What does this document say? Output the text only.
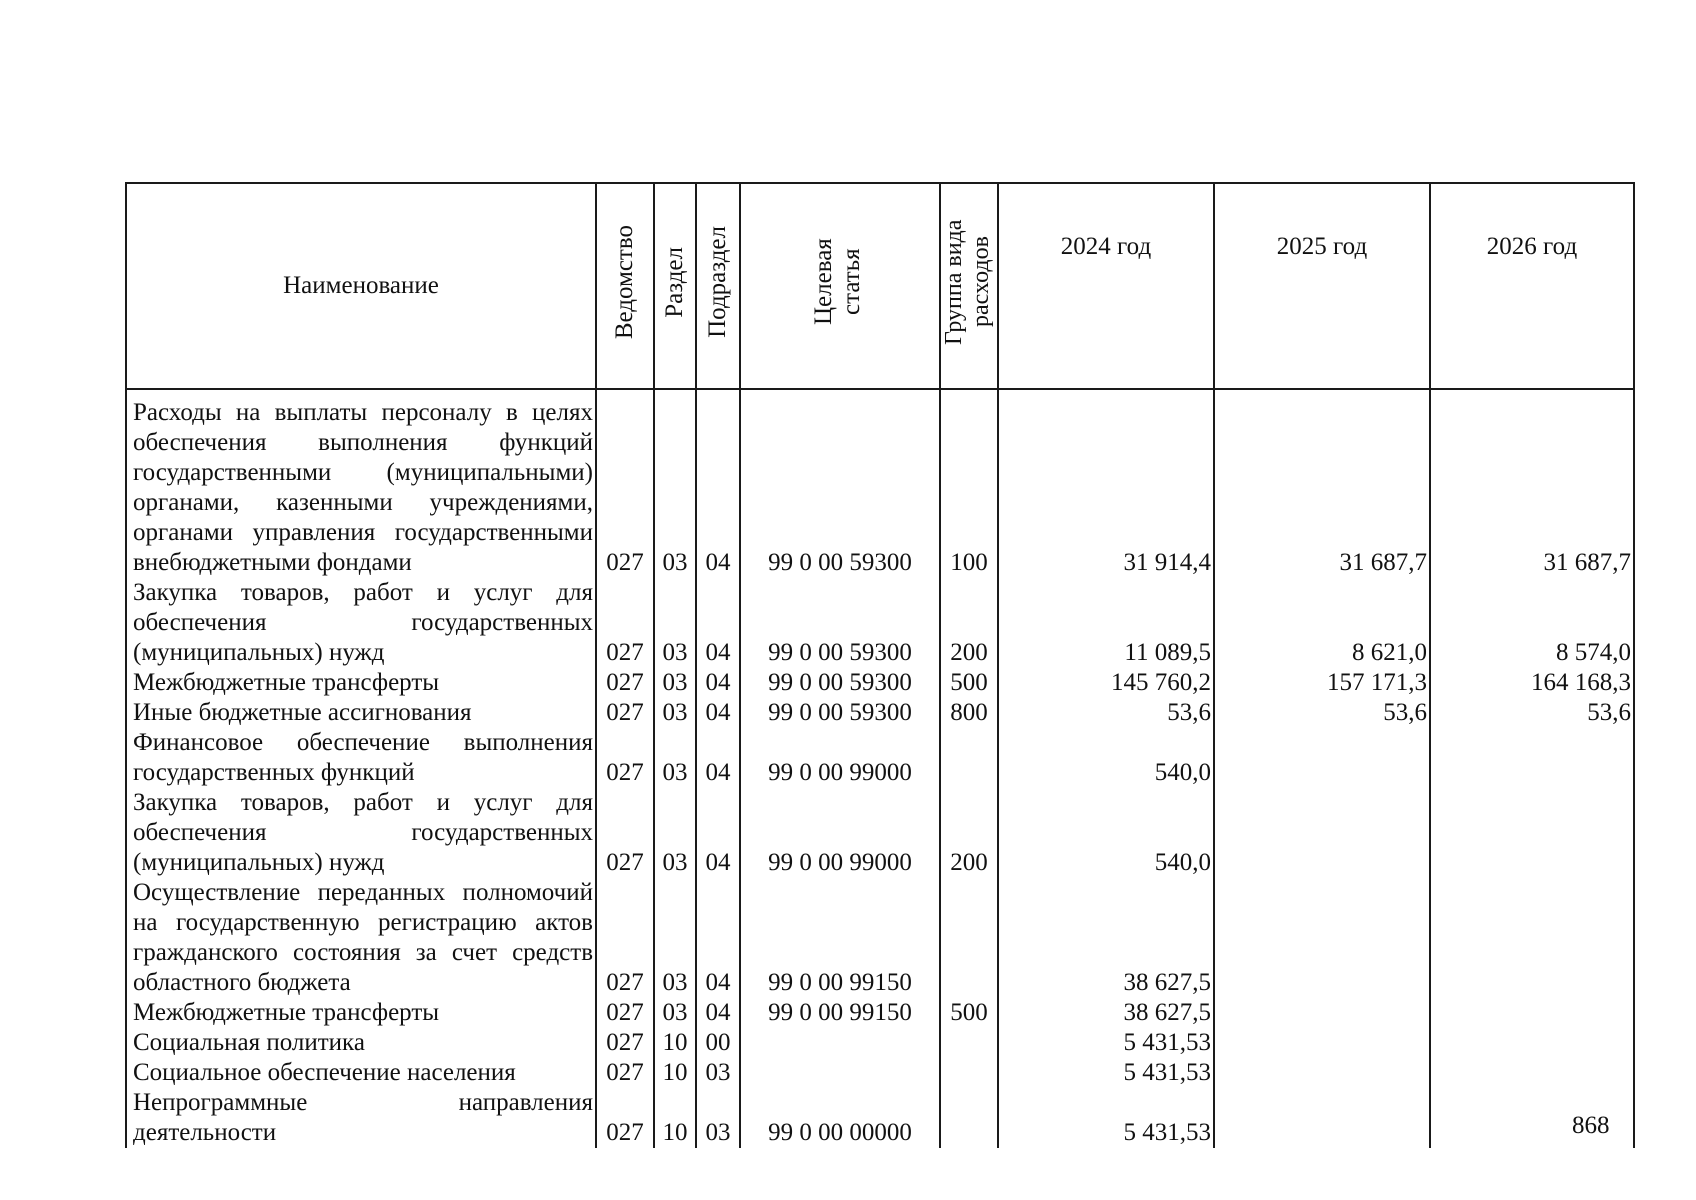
Наименование	Ведомство	Раздел	Подраздел	Целевая статья	Группа вида расходов	2024 год	2025 год	2026 год
Расходы на выплаты персоналу в целях обеспечения выполнения функций государственными (муниципальными) органами, казенными учреждениями, органами управления государственными внебюджетными фондами	027	03	04	99 0 00 59300	100	31 914,4	31 687,7	31 687,7
Закупка товаров, работ и услуг для обеспечения государственных (муниципальных) нужд	027	03	04	99 0 00 59300	200	11 089,5	8 621,0	8 574,0
Межбюджетные трансферты	027	03	04	99 0 00 59300	500	145 760,2	157 171,3	164 168,3
Иные бюджетные ассигнования	027	03	04	99 0 00 59300	800	53,6	53,6	53,6
Финансовое обеспечение выполнения государственных функций	027	03	04	99 0 00 99000		540,0		
Закупка товаров, работ и услуг для обеспечения государственных (муниципальных) нужд	027	03	04	99 0 00 99000	200	540,0		
Осуществление переданных полномочий на государственную регистрацию актов гражданского состояния за счет средств областного бюджета	027	03	04	99 0 00 99150		38 627,5		
Межбюджетные трансферты	027	03	04	99 0 00 99150	500	38 627,5		
Социальная политика	027	10	00			5 431,53		
Социальное обеспечение населения	027	10	03			5 431,53		
Непрограммные направления деятельности	027	10	03	99 0 00 00000		5 431,53			868
